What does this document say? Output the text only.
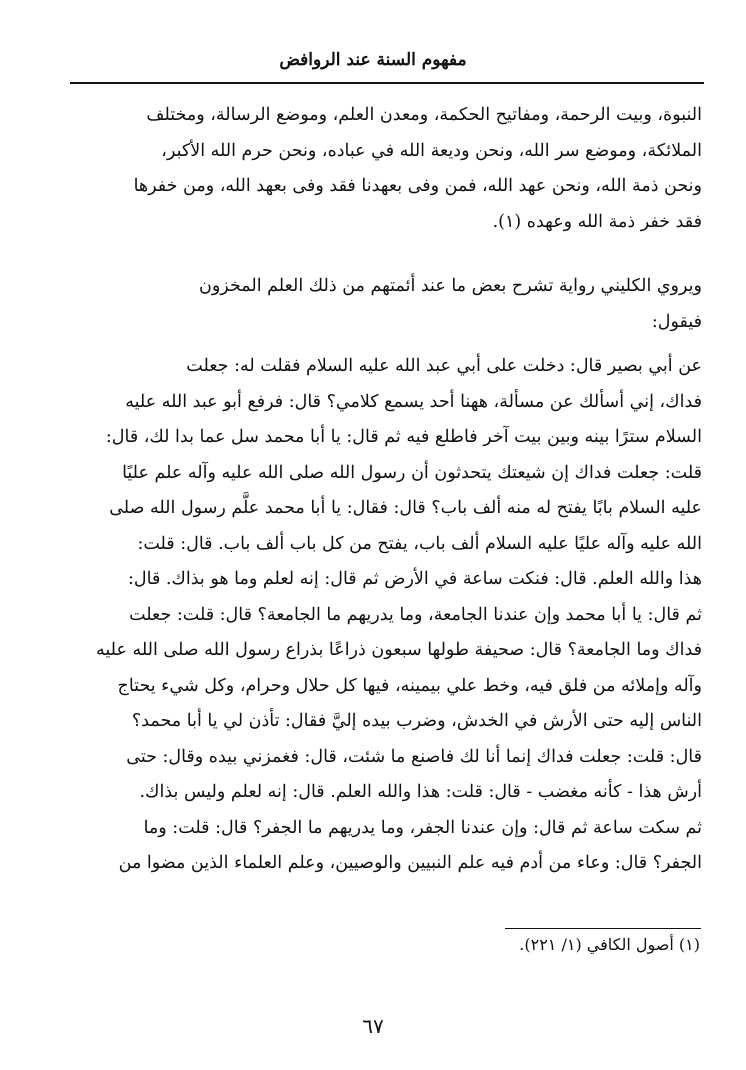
مفهوم السنة عند الروافض

النبوة، وبيت الرحمة، ومفاتيح الحكمة، ومعدن العلم، وموضع الرسالة، ومختلف
الملائكة، وموضع سر الله، ونحن وديعة الله في عباده، ونحن حرم الله الأكبر،
ونحن ذمة الله، ونحن عهد الله، فمن وفى بعهدنا فقد وفى بعهد الله، ومن خفرها
فقد خفر ذمة الله وعهده (١).

ويروي الكليني رواية تشرح بعض ما عند أئمتهم من ذلك العلم المخزون
فيقول:

عن أبي بصير قال: دخلت على أبي عبد الله عليه السلام فقلت له: جعلت
فداك، إني أسألك عن مسألة، ههنا أحد يسمع كلامي؟ قال: فرفع أبو عبد الله عليه
السلام سترًا بينه وبين بيت آخر فاطلع فيه ثم قال: يا أبا محمد سل عما بدا لك، قال:
قلت: جعلت فداك إن شيعتك يتحدثون أن رسول الله صلى الله عليه وآله علم عليًا
عليه السلام بابًا يفتح له منه ألف باب؟ قال: فقال: يا أبا محمد علَّم رسول الله صلى
الله عليه وآله عليًا عليه السلام ألف باب، يفتح من كل باب ألف باب. قال: قلت:
هذا والله العلم. قال: فنكت ساعة في الأرض ثم قال: إنه لعلم وما هو بذاك. قال:
ثم قال: يا أبا محمد وإن عندنا الجامعة، وما يدريهم ما الجامعة؟ قال: قلت: جعلت
فداك وما الجامعة؟ قال: صحيفة طولها سبعون ذراعًا بذراع رسول الله صلى الله عليه
وآله وإملائه من فلق فيه، وخط علي بيمينه، فيها كل حلال وحرام، وكل شيء يحتاج
الناس إليه حتى الأرش في الخدش، وضرب بيده إليَّ فقال: تأذن لي يا أبا محمد؟
قال: قلت: جعلت فداك إنما أنا لك فاصنع ما شئت، قال: فغمزني بيده وقال: حتى
أرش هذا - كأنه مغضب - قال: قلت: هذا والله العلم. قال: إنه لعلم وليس بذاك.
ثم سكت ساعة ثم قال: وإن عندنا الجفر، وما يدريهم ما الجفر؟ قال: قلت: وما
الجفر؟ قال: وعاء من أدم فيه علم النبيين والوصيين، وعلم العلماء الذين مضوا من

(١) أصول الكافي (١/ ٢٢١).
٦٧
